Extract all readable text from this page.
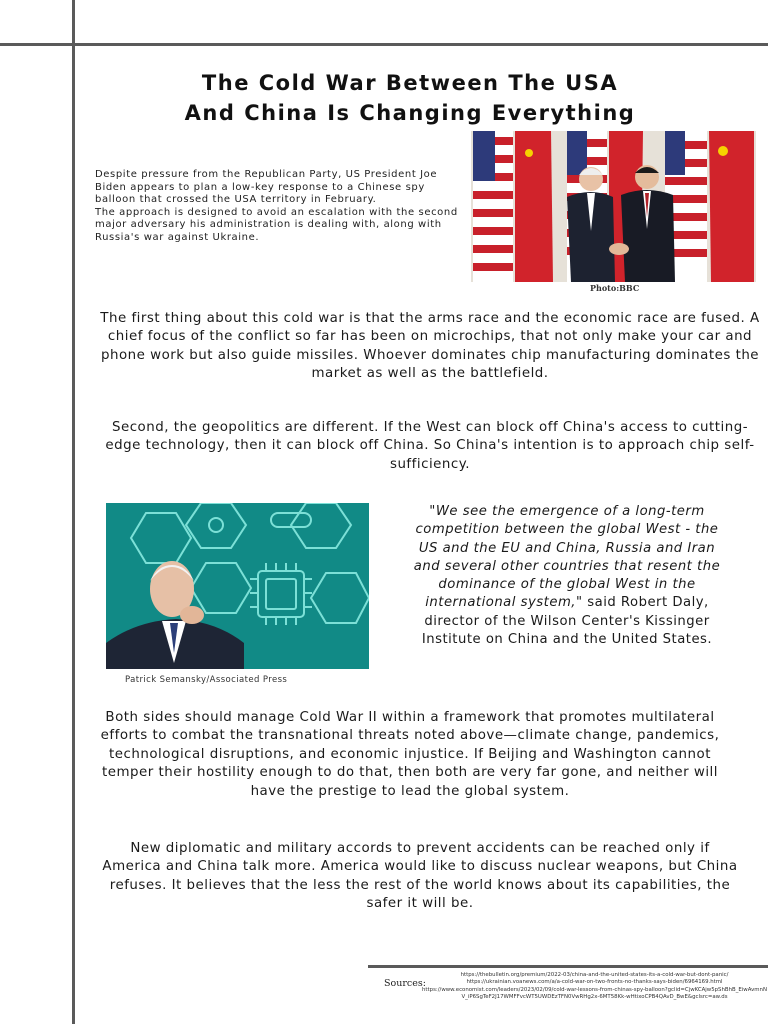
The Cold War Between The USA
And China Is Changing Everything

Despite pressure from the Republican Party, US President Joe Biden appears to plan a low-key response to a Chinese spy balloon that crossed the USA territory in February.

The approach is designed to avoid an escalation with the second major adversary his administration is dealing with, along with Russia's war against Ukraine.

Photo:BBC

The first thing about this cold war is that the arms race and the economic race are fused. A chief focus of the conflict so far has been on microchips, that not only make your car and phone work but also guide missiles. Whoever dominates chip manufacturing dominates the market as well as the battlefield.

Second, the geopolitics are different. If the West can block off China's access to cutting-edge technology, then it can block off China. So China's intention is to approach chip self-sufficiency.

Patrick Semansky/Associated Press
"We see the emergence of a long-term competition between the global West - the US and the EU and China, Russia and Iran and several other countries that resent the dominance of the global West in the international system," said Robert Daly, director of the Wilson Center's Kissinger Institute on China and the United States.

Both sides should manage Cold War II within a framework that promotes multilateral efforts to combat the transnational threats noted above—climate change, pandemics, technological disruptions, and economic injustice. If Beijing and Washington cannot temper their hostility enough to do that, then both are very far gone, and neither will have the prestige to lead the global system.

New diplomatic and military accords to prevent accidents can be reached only if America and China talk more. America would like to discuss nuclear weapons, but China refuses. It believes that the less the rest of the world knows about its capabilities, the safer it will be.

Sources:
https://thebulletin.org/premium/2022-03/china-and-the-united-states-its-a-cold-war-but-dont-panic/
https://ukrainian.voanews.com/a/a-cold-war-on-two-fronts-no-thanks-says-biden/6964169.html
https://www.economist.com/leaders/2023/02/09/cold-war-lessons-from-chinas-spy-balloon?gclid=CjwKCAjw5pShBhB_EiwAvmnNV_iP6SgTeF2J17WMFFvcWT5UWDEzTFN0VwRHg2x-6MT58Kk-wHtixoCPB4QAvD_BwE&gclsrc=aw.ds
